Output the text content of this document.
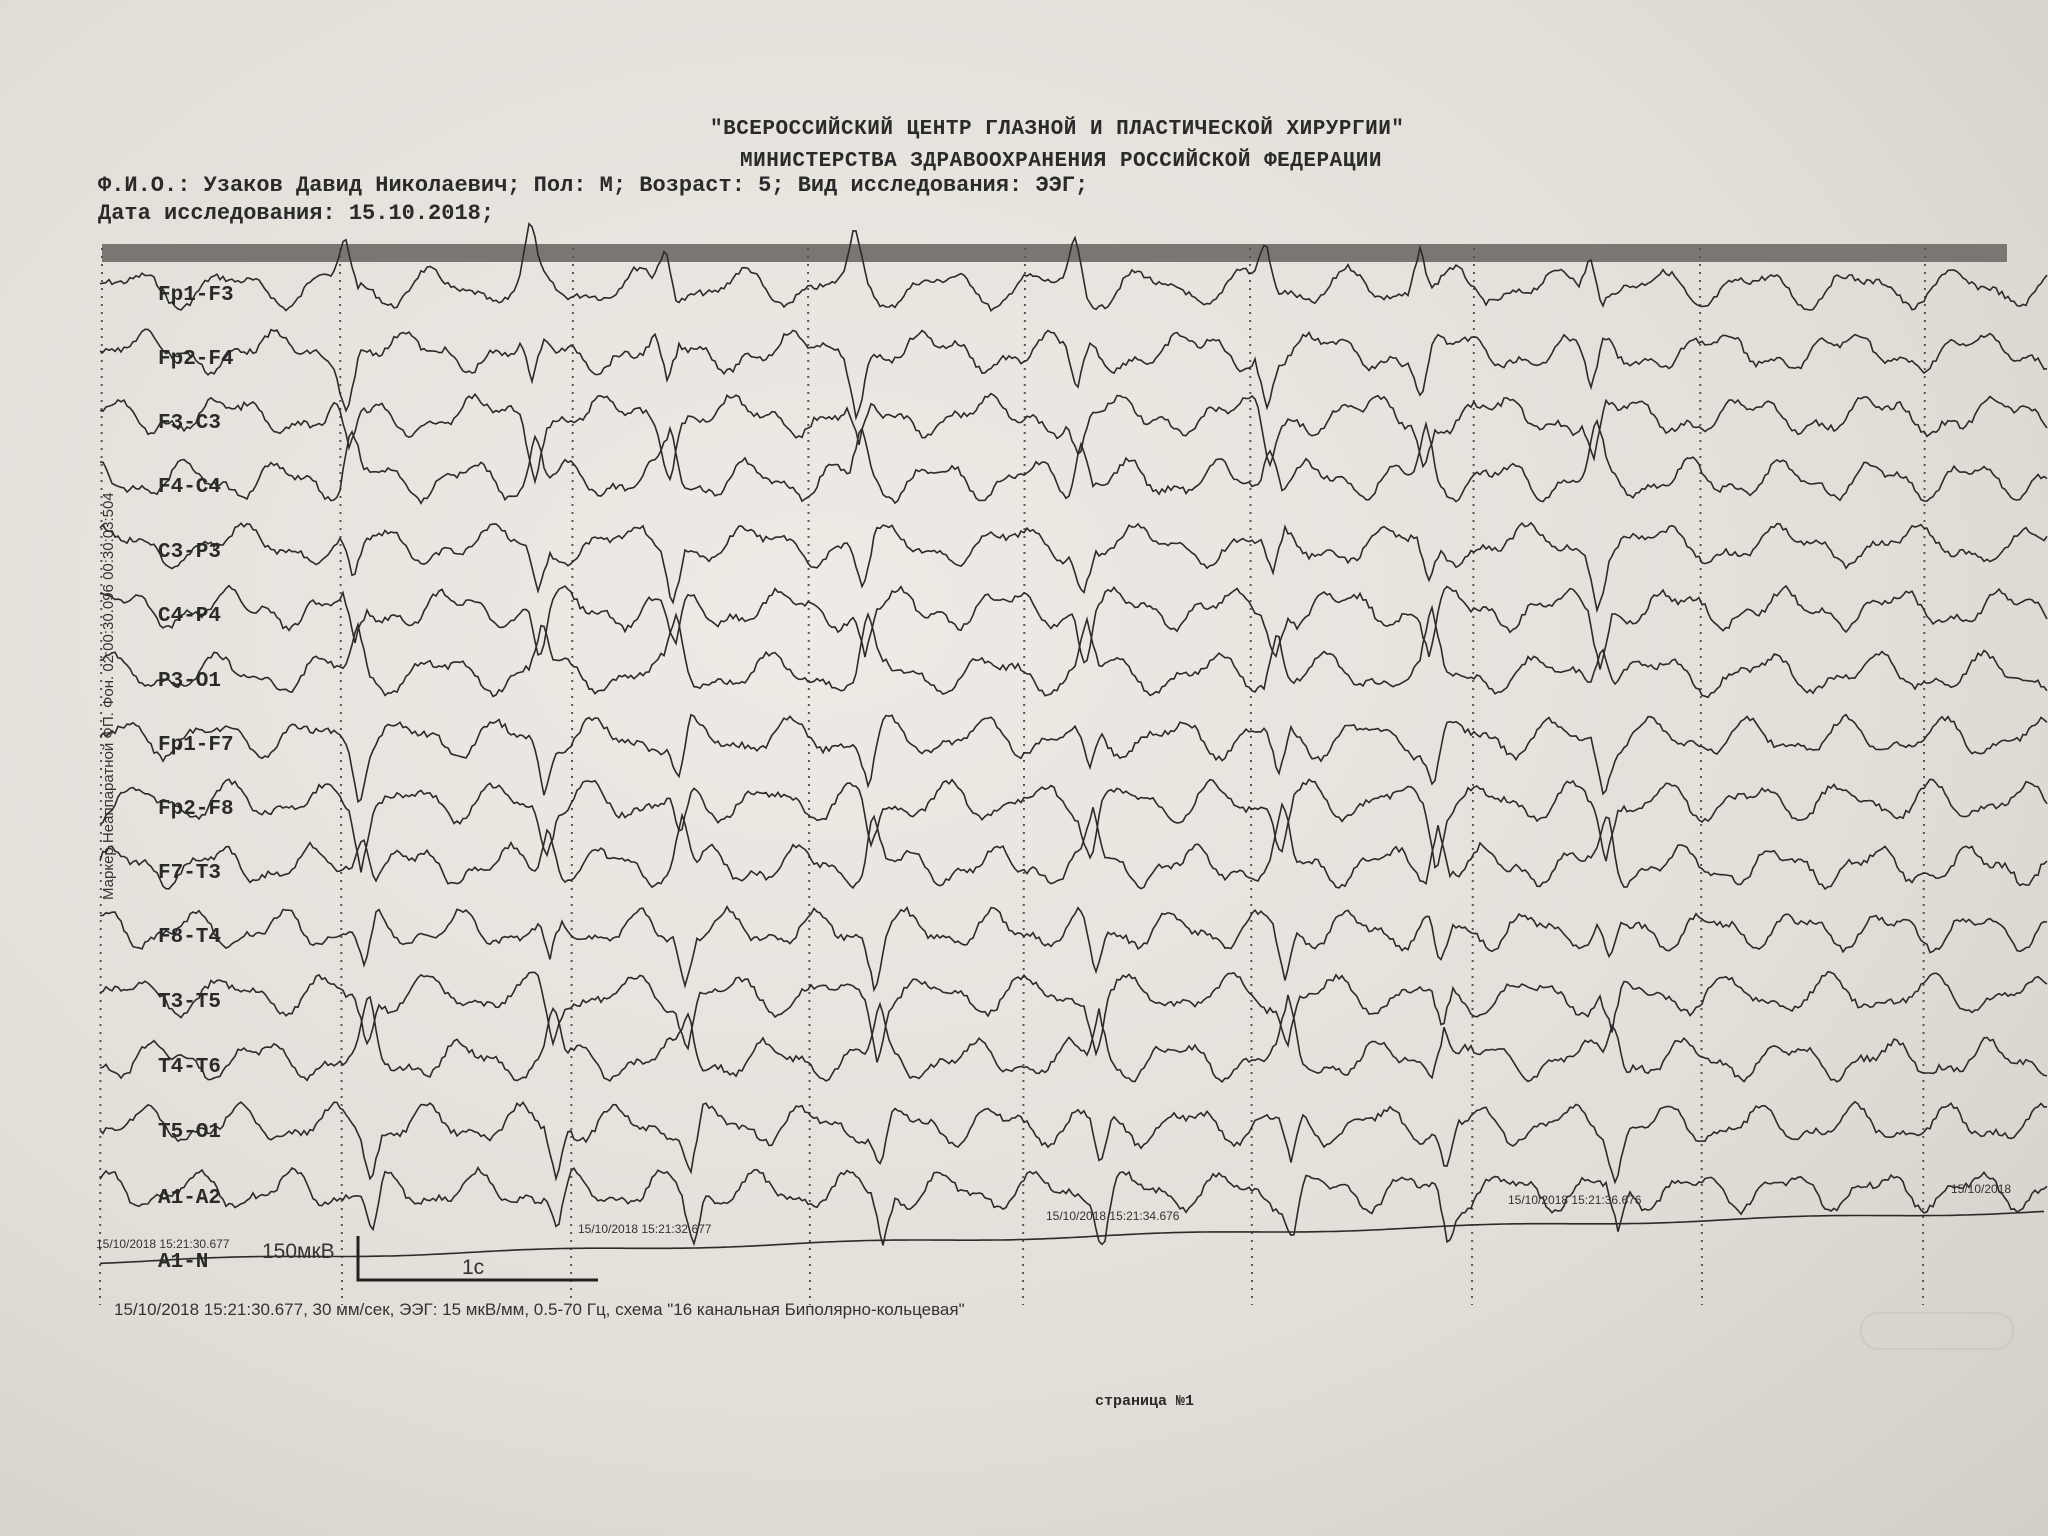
"ВСЕРОССИЙСКИЙ ЦЕНТР ГЛАЗНОЙ И ПЛАСТИЧЕСКОЙ ХИРУРГИИ"
МИНИСТЕРСТВА ЗДРАВООХРАНЕНИЯ РОССИЙСКОЙ ФЕДЕРАЦИИ
Ф.И.О.: Узаков Давид Николаевич; Пол: М; Возраст: 5; Вид исследования: ЭЭГ;
Дата исследования: 15.10.2018;
Маркер Неаппаратной ФП. Фон. 02:00:30.096 00:30:03:504
Fp1-F3
Fp2-F4
F3-C3
F4-C4
C3-P3
C4-P4
P3-O1
Fp1-F7
Fp2-F8
F7-T3
F8-T4
T3-T5
T4-T6
T5-O1
A1-A2
A1-N
15/10/2018 15:21:30.677
15/10/2018 15:21:32.677
15/10/2018 15:21:34.676
15/10/2018 15:21:36.676
15/10/2018
150мкВ
1с
15/10/2018 15:21:30.677, 30 мм/сек, ЭЭГ: 15 мкВ/мм, 0.5-70 Гц, схема "16 канальная Биполярно-кольцевая"
страница №1
